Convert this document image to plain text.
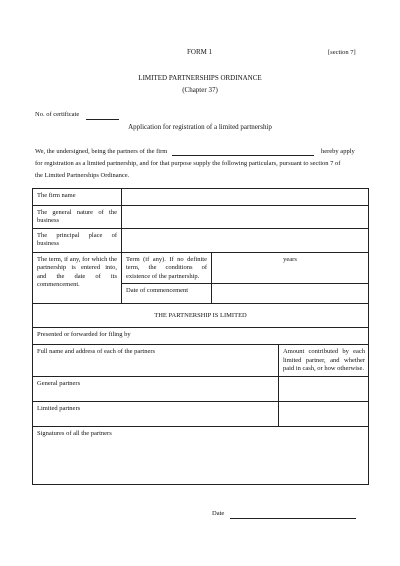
FORM 1	[section 7]
LIMITED PARTNERSHIPS ORDINANCE
(Chapter 37)
No. of certificate
Application for registration of a limited partnership
We, the undersigned, being the partners of the firm	hereby apply
for registration as a limited partnership, and for that purpose supply the following particulars, pursuant to section 7 of
the Limited Partnerships Ordinance.
The firm name			
The general nature of the business			
The principal place of business			
The term, if any, for which the partnership is entered into, and the date of its commencement.	Term (if any). If no definite term, the conditions of existence of the partnership.	years	
	Date of commencement		
THE PARTNERSHIP IS LIMITED			
Presented or forwarded for filing by			
Full name and address of each of the partners			Amount contributed by each limited partner, and whether paid in cash, or how otherwise.
General partners			
Limited partners			
Signatures of all the partners			
Date
